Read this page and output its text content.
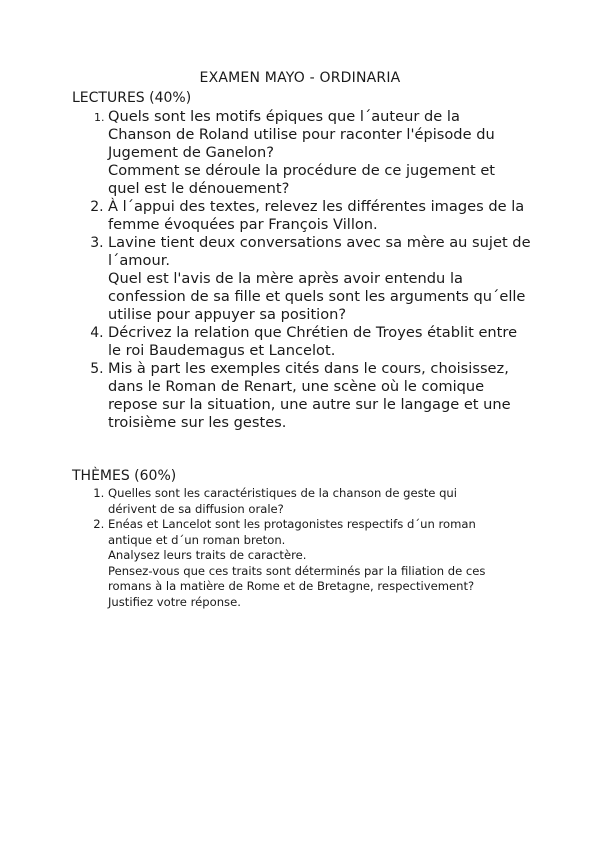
EXAMEN MAYO - ORDINARIA
LECTURES (40%)
1. Quels sont les motifs épiques que l´auteur de la
Chanson de Roland utilise pour raconter l'épisode du
Jugement de Ganelon?
Comment se déroule la procédure de ce jugement et
quel est le dénouement?
2. À l´appui des textes, relevez les différentes images de la
femme évoquées par François Villon.
3. Lavine tient deux conversations avec sa mère au sujet de
l´amour.
Quel est l'avis de la mère après avoir entendu la
confession de sa fille et quels sont les arguments qu´elle
utilise pour appuyer sa position?
4. Décrivez la relation que Chrétien de Troyes établit entre
le roi Baudemagus et Lancelot.
5. Mis à part les exemples cités dans le cours, choisissez,
dans le Roman de Renart, une scène où le comique
repose sur la situation, une autre sur le langage et une
troisième sur les gestes.
THÈMES (60%)
1. Quelles sont les caractéristiques de la chanson de geste qui
dérivent de sa diffusion orale?
2. Enéas et Lancelot sont les protagonistes respectifs d´un roman
antique et d´un roman breton.
Analysez leurs traits de caractère.
Pensez-vous que ces traits sont déterminés par la filiation de ces
romans à la matière de Rome et de Bretagne, respectivement?
Justifiez votre réponse.
